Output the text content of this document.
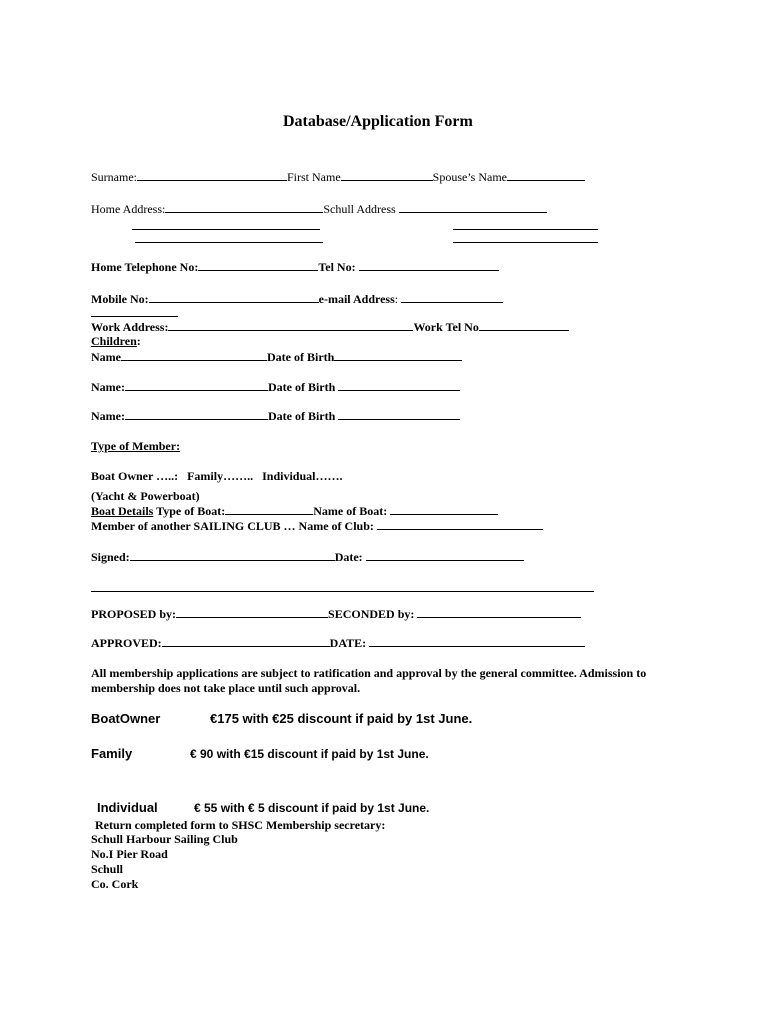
Database/Application Form
Surname:	First Name	Spouse’s Name
Home Address:	Schull Address
Home Telephone No:	Tel No:
Mobile No:	e-mail Address:
Work Address:	Work Tel No
Children:
Name	Date of Birth
Name:	Date of Birth
Name:	Date of Birth
Type of Member:
Boat Owner …..:   Family……..   Individual…….
(Yacht & Powerboat)
Boat Details Type of Boat:	Name of Boat:
Member of another SAILING CLUB … Name of Club:
Signed:	Date:
PROPOSED by:	SECONDED by:
APPROVED:	DATE:
All membership applications are subject to ratification and approval by the general committee. Admission to
membership does not take place until such approval.
BoatOwner	€175 with €25 discount if paid by 1st June.
Family	€ 90 with €15 discount if paid by 1st June.
Individual	€ 55 with € 5 discount if paid by 1st June.
Return completed form to SHSC Membership secretary:
Schull Harbour Sailing Club
No.I Pier Road
Schull
Co. Cork
